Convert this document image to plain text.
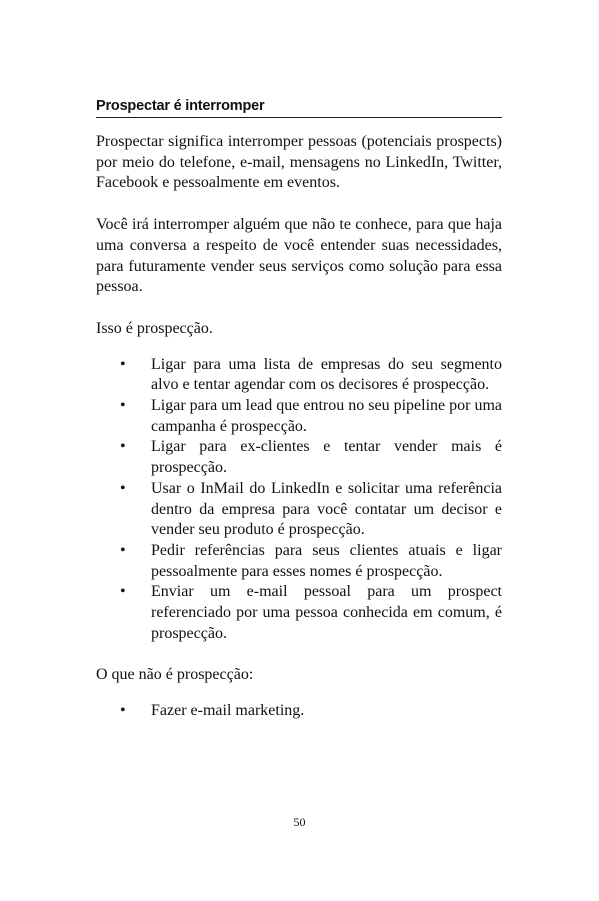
Prospectar é interromper

Prospectar significa interromper pessoas (potenciais prospects) por meio do telefone, e-mail, mensagens no LinkedIn, Twitter, Facebook e pessoalmente em eventos.

Você irá interromper alguém que não te conhece, para que haja uma conversa a respeito de você entender suas necessidades, para futuramente vender seus serviços como solução para essa pessoa.

Isso é prospecção.

• Ligar para uma lista de empresas do seu segmento alvo e tentar agendar com os decisores é prospecção.
• Ligar para um lead que entrou no seu pipeline por uma campanha é prospecção.
• Ligar para ex-clientes e tentar vender mais é prospecção.
• Usar o InMail do LinkedIn e solicitar uma referência dentro da empresa para você contatar um decisor e vender seu produto é prospecção.
• Pedir referências para seus clientes atuais e ligar pessoalmente para esses nomes é prospecção.
• Enviar um e-mail pessoal para um prospect referenciado por uma pessoa conhecida em comum, é prospecção.

O que não é prospecção:

• Fazer e-mail marketing.
50
